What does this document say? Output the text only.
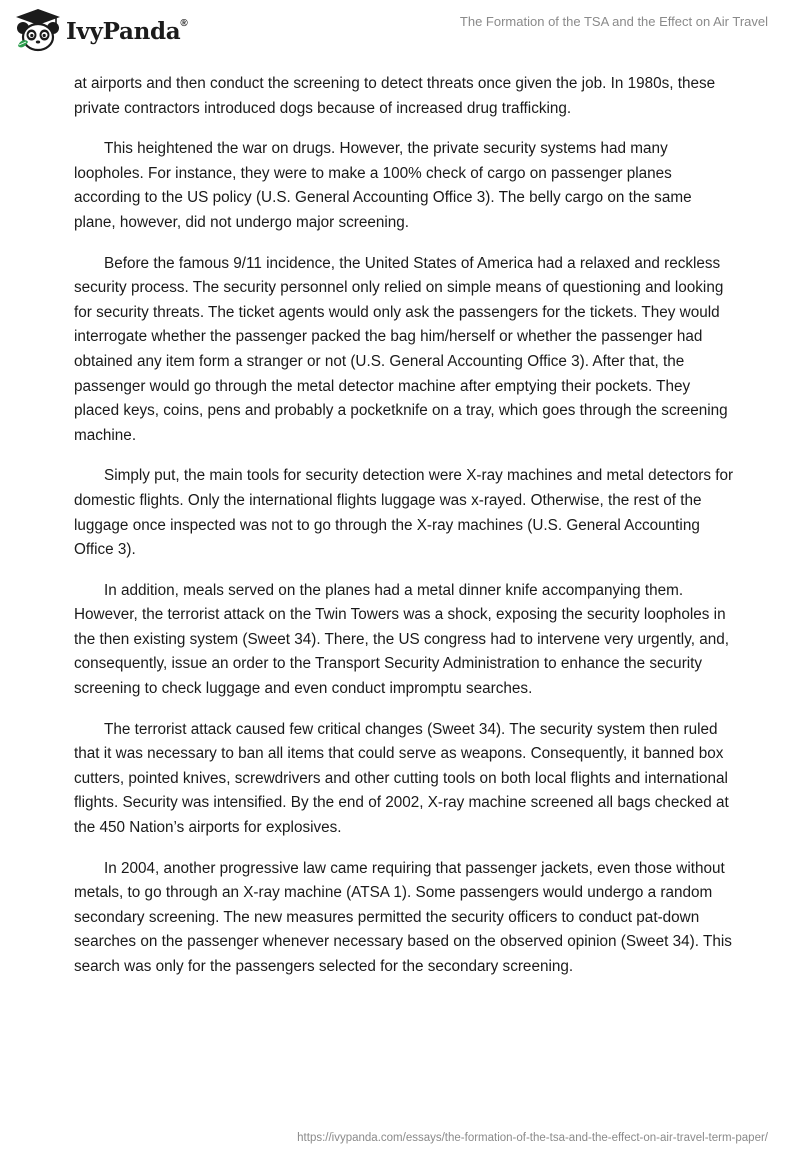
IvyPanda®	The Formation of the TSA and the Effect on Air Travel

at airports and then conduct the screening to detect threats once given the job. In 1980s, these private contractors introduced dogs because of increased drug trafficking.

This heightened the war on drugs. However, the private security systems had many loopholes. For instance, they were to make a 100% check of cargo on passenger planes according to the US policy (U.S. General Accounting Office 3). The belly cargo on the same plane, however, did not undergo major screening.

Before the famous 9/11 incidence, the United States of America had a relaxed and reckless security process. The security personnel only relied on simple means of questioning and looking for security threats. The ticket agents would only ask the passengers for the tickets. They would interrogate whether the passenger packed the bag him/herself or whether the passenger had obtained any item form a stranger or not (U.S. General Accounting Office 3). After that, the passenger would go through the metal detector machine after emptying their pockets. They placed keys, coins, pens and probably a pocketknife on a tray, which goes through the screening machine.

Simply put, the main tools for security detection were X-ray machines and metal detectors for domestic flights. Only the international flights luggage was x-rayed. Otherwise, the rest of the luggage once inspected was not to go through the X-ray machines (U.S. General Accounting Office 3).

In addition, meals served on the planes had a metal dinner knife accompanying them. However, the terrorist attack on the Twin Towers was a shock, exposing the security loopholes in the then existing system (Sweet 34). There, the US congress had to intervene very urgently, and, consequently, issue an order to the Transport Security Administration to enhance the security screening to check luggage and even conduct impromptu searches.

The terrorist attack caused few critical changes (Sweet 34). The security system then ruled that it was necessary to ban all items that could serve as weapons. Consequently, it banned box cutters, pointed knives, screwdrivers and other cutting tools on both local flights and international flights. Security was intensified. By the end of 2002, X-ray machine screened all bags checked at the 450 Nation’s airports for explosives.

In 2004, another progressive law came requiring that passenger jackets, even those without metals, to go through an X-ray machine (ATSA 1). Some passengers would undergo a random secondary screening. The new measures permitted the security officers to conduct pat-down searches on the passenger whenever necessary based on the observed opinion (Sweet 34). This search was only for the passengers selected for the secondary screening.

https://ivypanda.com/essays/the-formation-of-the-tsa-and-the-effect-on-air-travel-term-paper/
